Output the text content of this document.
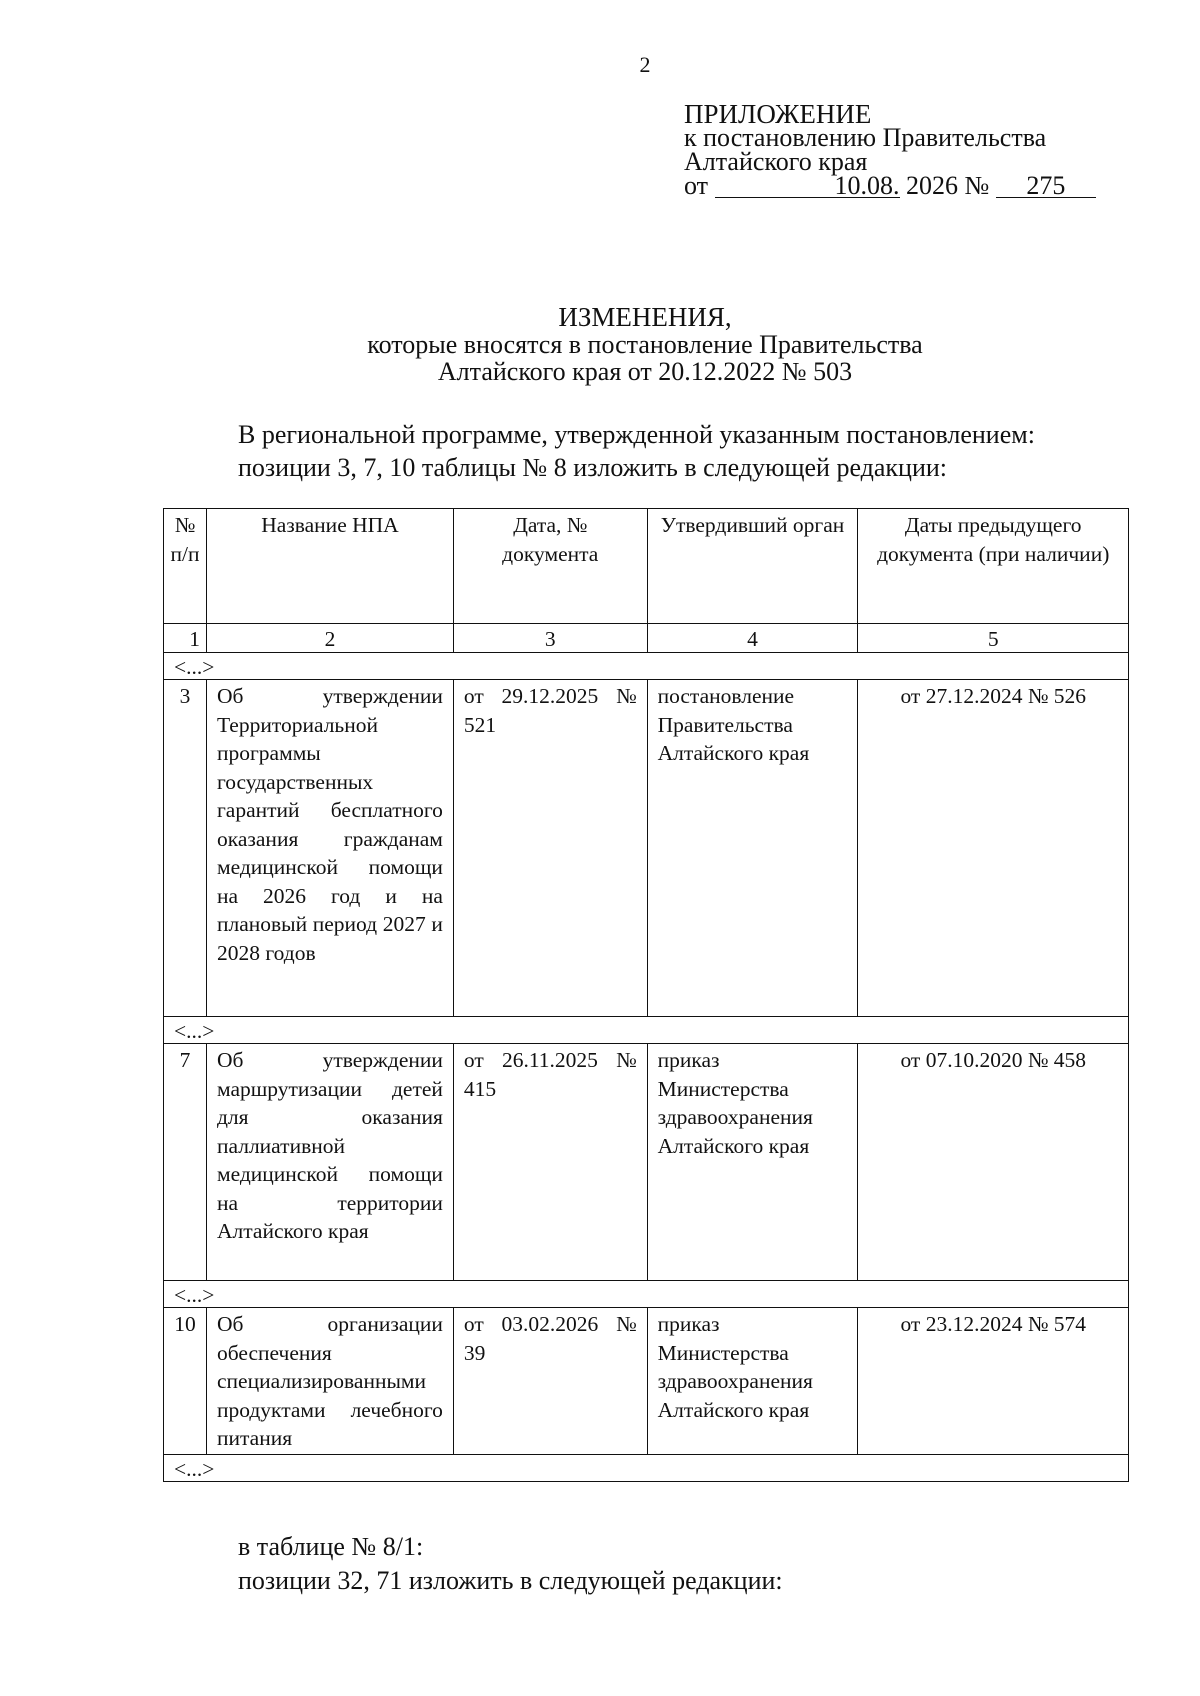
2
ПРИЛОЖЕНИЕ
к постановлению Правительства
Алтайского края
от	10.08. 2026 № 275
ИЗМЕНЕНИЯ,
которые вносятся в постановление Правительства
Алтайского края от 20.12.2022 № 503
В региональной программе, утвержденной указанным постановлением:
позиции 3, 7, 10 таблицы № 8 изложить в следующей редакции:
№ п/п	Название НПА	Дата, № документа	Утвердивший орган	Даты предыдущего документа (при наличии)
1	2	3	4	5
<...>				
3	Об утверждении Территориальной программы государственных гарантий бесплатного оказания гражданам медицинской помощи на 2026 год и на плановый период 2027 и 2028 годов	от 29.12.2025 № 521	постановление Правительства Алтайского края	от 27.12.2024 № 526
<...>				
7	Об утверждении маршрутизации детей для оказания паллиативной медицинской помощи на территории Алтайского края	от 26.11.2025 № 415	приказ Министерства здравоохранения Алтайского края	от 07.10.2020 № 458
<...>				
10	Об организации обеспечения специализированными продуктами лечебного питания	от 03.02.2026 № 39	приказ Министерства здравоохранения Алтайского края	от 23.12.2024 № 574
<...>				
в таблице № 8/1:
позиции 32, 71 изложить в следующей редакции:
